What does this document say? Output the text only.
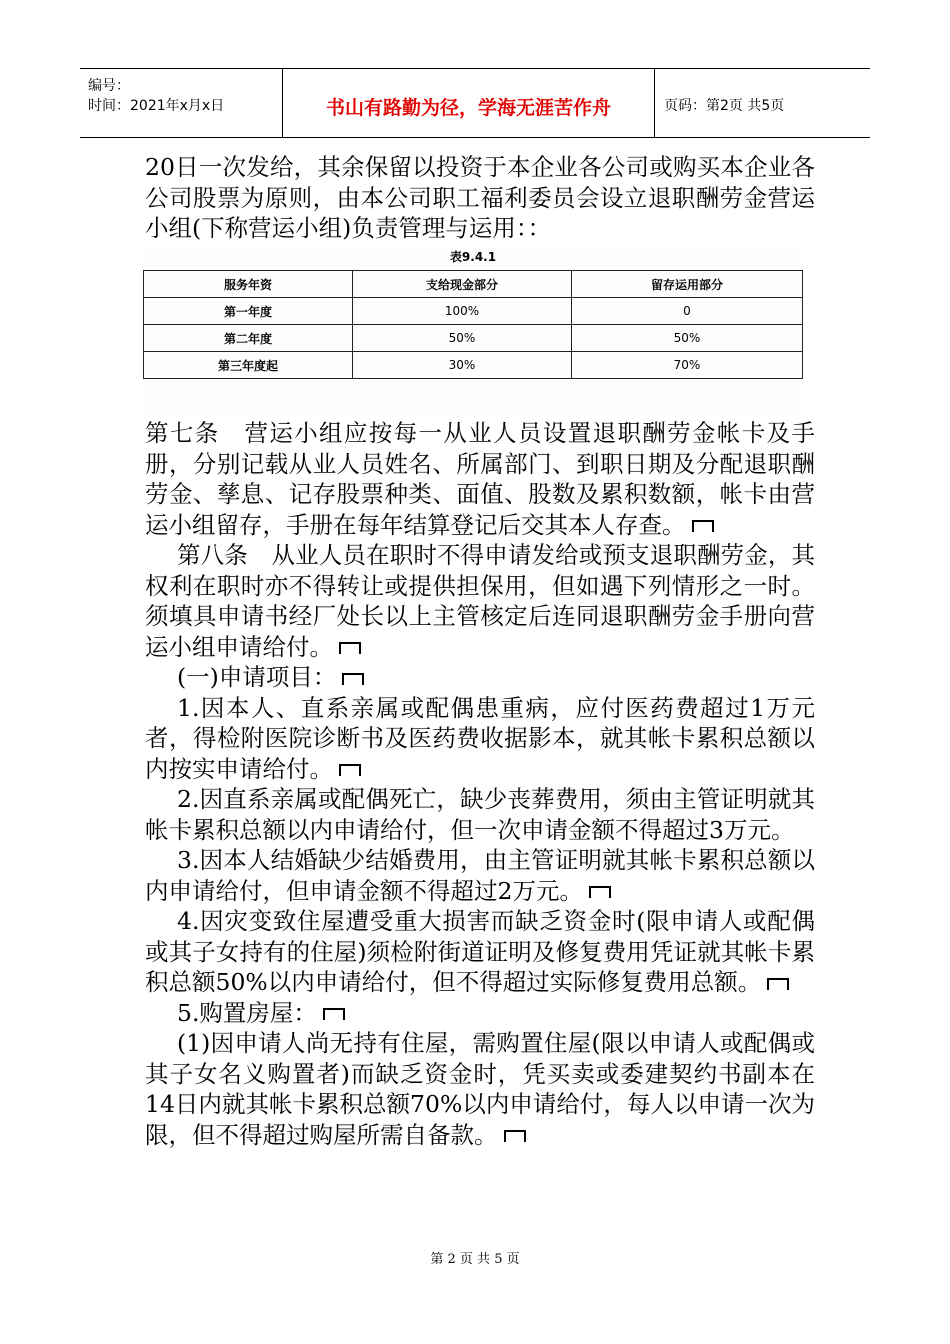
编号：
时间：2021年x月x日	书山有路勤为径，学海无涯苦作舟	页码：第2页 共5页

20日一次发给，其余保留以投资于本企业各公司或购买本企业各公司股票为原则，由本公司职工福利委员会设立退职酬劳金营运小组(下称营运小组)负责管理与运用：：

表9.4.1
服务年资	支给现金部分	留存运用部分
第一年度	100%	0
第二年度	50%	50%
第三年度起	30%	70%

第七条　营运小组应按每一从业人员设置退职酬劳金帐卡及手册，分别记载从业人员姓名、所属部门、到职日期及分配退职酬劳金、孳息、记存股票种类、面值、股数及累积数额，帐卡由营运小组留存，手册在每年结算登记后交其本人存查。

第八条　从业人员在职时不得申请发给或预支退职酬劳金，其权利在职时亦不得转让或提供担保用，但如遇下列情形之一时。须填具申请书经厂处长以上主管核定后连同退职酬劳金手册向营运小组申请给付。

(一)申请项目：

1.因本人、直系亲属或配偶患重病，应付医药费超过1万元者，得检附医院诊断书及医药费收据影本，就其帐卡累积总额以内按实申请给付。

2.因直系亲属或配偶死亡，缺少丧葬费用，须由主管证明就其帐卡累积总额以内申请给付，但一次申请金额不得超过3万元。

3.因本人结婚缺少结婚费用，由主管证明就其帐卡累积总额以内申请给付，但申请金额不得超过2万元。

4.因灾变致住屋遭受重大损害而缺乏资金时(限申请人或配偶或其子女持有的住屋)须检附街道证明及修复费用凭证就其帐卡累积总额50%以内申请给付，但不得超过实际修复费用总额。

5.购置房屋：

(1)因申请人尚无持有住屋，需购置住屋(限以申请人或配偶或其子女名义购置者)而缺乏资金时，凭买卖或委建契约书副本在14日内就其帐卡累积总额70%以内申请给付，每人以申请一次为限，但不得超过购屋所需自备款。

第 2 页 共 5 页
